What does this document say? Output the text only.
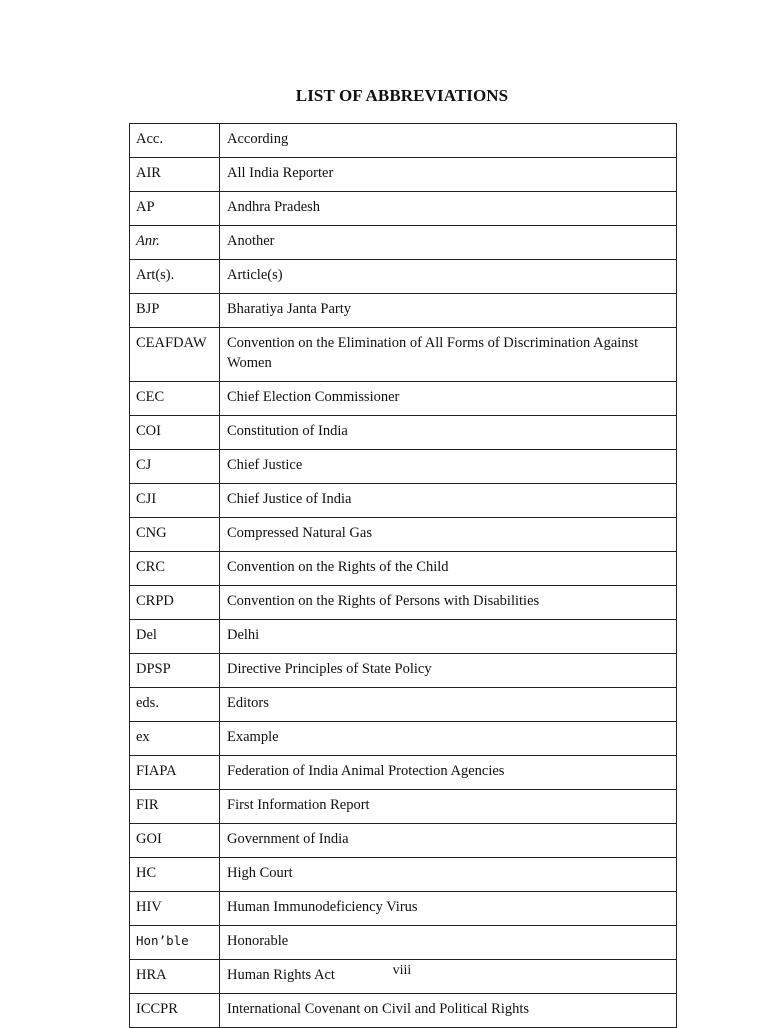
LIST OF ABBREVIATIONS
Acc.	According
AIR	All India Reporter
AP	Andhra Pradesh
Anr.	Another
Art(s).	Article(s)
BJP	Bharatiya Janta Party
CEAFDAW	Convention on the Elimination of All Forms of Discrimination Against Women
CEC	Chief Election Commissioner
COI	Constitution of India
CJ	Chief Justice
CJI	Chief Justice of India
CNG	Compressed Natural Gas
CRC	Convention on the Rights of the Child
CRPD	Convention on the Rights of Persons with Disabilities
Del	Delhi
DPSP	Directive Principles of State Policy
eds.	Editors
ex	Example
FIAPA	Federation of India Animal Protection Agencies
FIR	First Information Report
GOI	Government of India
HC	High Court
HIV	Human Immunodeficiency Virus
Hon’ble	Honorable
HRA	Human Rights Act
ICCPR	International Covenant on Civil and Political Rights
viii
